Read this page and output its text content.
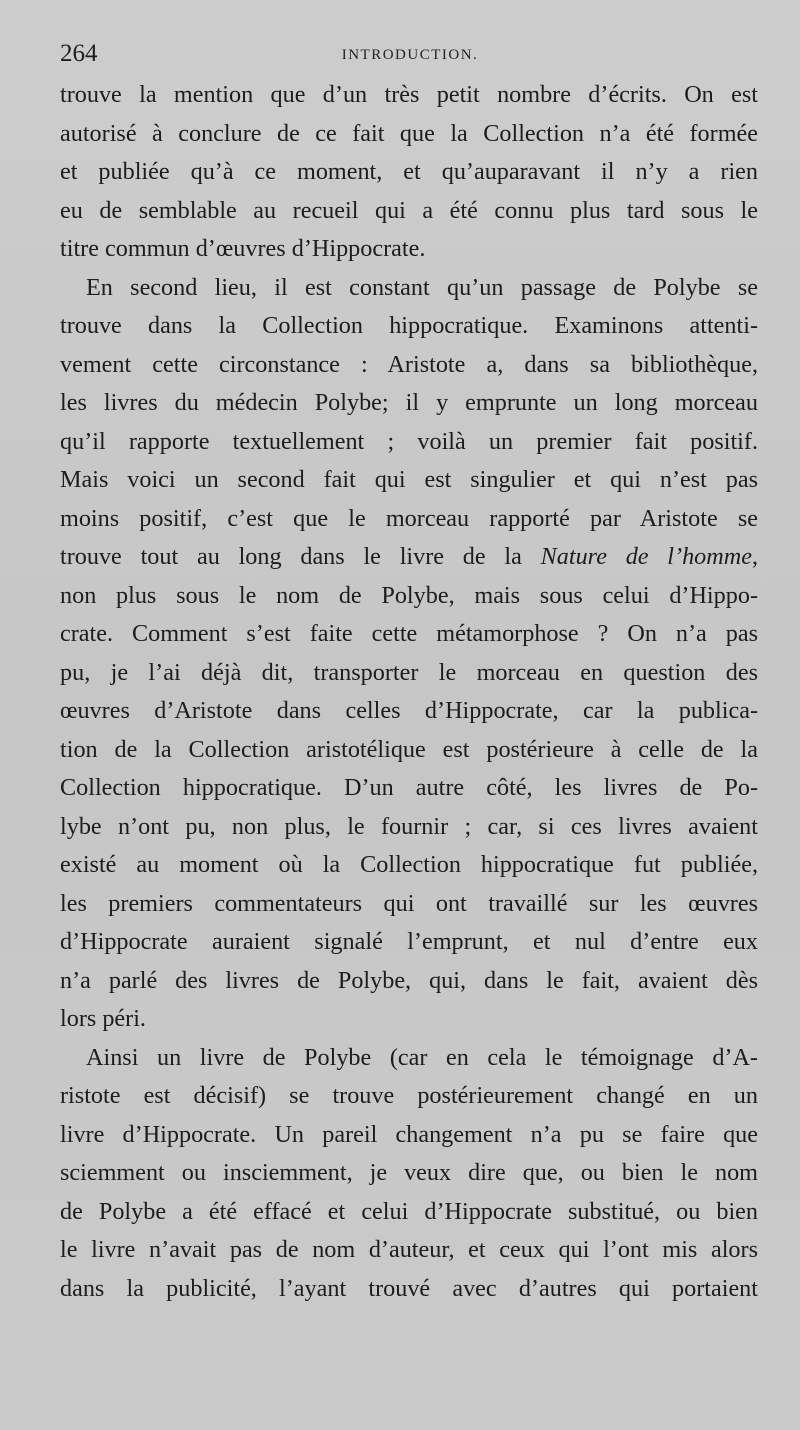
264	INTRODUCTION.
trouve la mention que d’un très petit nombre d’écrits. On est
autorisé à conclure de ce fait que la Collection n’a été formée
et publiée qu’à ce moment, et qu’auparavant il n’y a rien
eu de semblable au recueil qui a été connu plus tard sous le
titre commun d’œuvres d’Hippocrate.
En second lieu, il est constant qu’un passage de Polybe se
trouve dans la Collection hippocratique. Examinons attenti-
vement cette circonstance : Aristote a, dans sa bibliothèque,
les livres du médecin Polybe; il y emprunte un long morceau
qu’il rapporte textuellement ; voilà un premier fait positif.
Mais voici un second fait qui est singulier et qui n’est pas
moins positif, c’est que le morceau rapporté par Aristote se
trouve tout au long dans le livre de la Nature de l’homme,
non plus sous le nom de Polybe, mais sous celui d’Hippo-
crate. Comment s’est faite cette métamorphose ? On n’a pas
pu, je l’ai déjà dit, transporter le morceau en question des
œuvres d’Aristote dans celles d’Hippocrate, car la publica-
tion de la Collection aristotélique est postérieure à celle de la
Collection hippocratique. D’un autre côté, les livres de Po-
lybe n’ont pu, non plus, le fournir ; car, si ces livres avaient
existé au moment où la Collection hippocratique fut publiée,
les premiers commentateurs qui ont travaillé sur les œuvres
d’Hippocrate auraient signalé l’emprunt, et nul d’entre eux
n’a parlé des livres de Polybe, qui, dans le fait, avaient dès
lors péri.
Ainsi un livre de Polybe (car en cela le témoignage d’A-
ristote est décisif) se trouve postérieurement changé en un
livre d’Hippocrate. Un pareil changement n’a pu se faire que
sciemment ou insciemment, je veux dire que, ou bien le nom
de Polybe a été effacé et celui d’Hippocrate substitué, ou bien
le livre n’avait pas de nom d’auteur, et ceux qui l’ont mis alors
dans la publicité, l’ayant trouvé avec d’autres qui portaient
